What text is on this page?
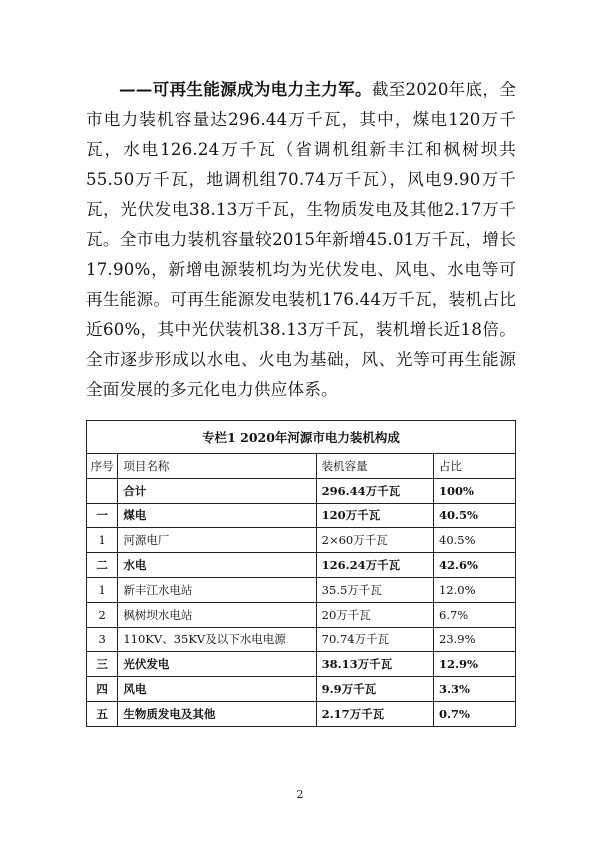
——可再生能源成为电力主力军。截至2020年底，全市电力装机容量达296.44万千瓦，其中，煤电120万千瓦，水电126.24万千瓦（省调机组新丰江和枫树坝共55.50万千瓦，地调机组70.74万千瓦），风电9.90万千瓦，光伏发电38.13万千瓦，生物质发电及其他2.17万千瓦。全市电力装机容量较2015年新增45.01万千瓦，增长17.90%，新增电源装机均为光伏发电、风电、水电等可再生能源。可再生能源发电装机176.44万千瓦，装机占比近60%，其中光伏装机38.13万千瓦，装机增长近18倍。全市逐步形成以水电、火电为基础，风、光等可再生能源全面发展的多元化电力供应体系。

专栏1 2020年河源市电力装机构成			
序号	项目名称	装机容量	占比
	合计	296.44万千瓦	100%
一	煤电	120万千瓦	40.5%
1	河源电厂	2×60万千瓦	40.5%
二	水电	126.24万千瓦	42.6%
1	新丰江水电站	35.5万千瓦	12.0%
2	枫树坝水电站	20万千瓦	6.7%
3	110KV、35KV及以下水电电源	70.74万千瓦	23.9%
三	光伏发电	38.13万千瓦	12.9%
四	风电	9.9万千瓦	3.3%
五	生物质发电及其他	2.17万千瓦	0.7%
2
